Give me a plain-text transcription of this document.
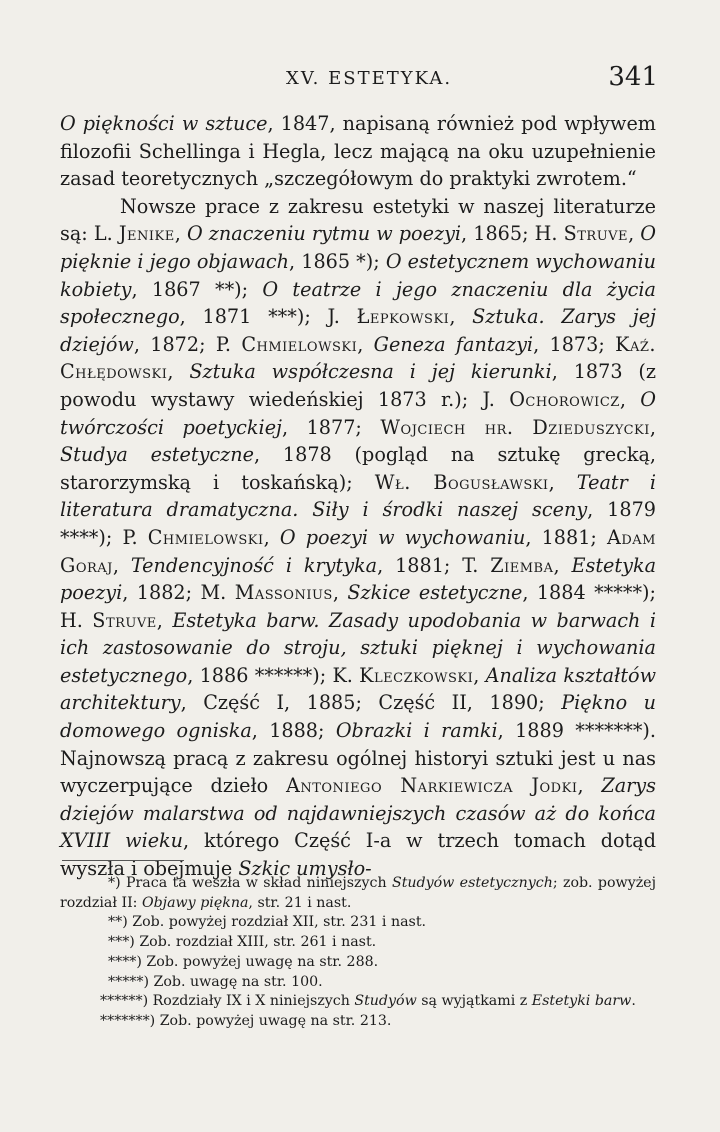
XV. ESTETYKA.	341

O piękności w sztuce, 1847, napisaną również pod wpływem filozofii Schellinga i Hegla, lecz mającą na oku uzupełnienie zasad teoretycznych „szczegółowym do praktyki zwrotem.“

Nowsze prace z zakresu estetyki w naszej literaturze są: L. Jenike, O znaczeniu rytmu w poezyi, 1865; H. Struve, O pięknie i jego objawach, 1865 *); O estetycznem wychowaniu kobiety, 1867 **); O teatrze i jego znaczeniu dla życia społecznego, 1871 ***); J. Łepkowski, Sztuka. Zarys jej dziejów, 1872; P. Chmielowski, Geneza fantazyi, 1873; Kaź. Chłędowski, Sztuka współczesna i jej kierunki, 1873 (z powodu wystawy wiedeńskiej 1873 r.); J. Ochorowicz, O twórczości poetyckiej, 1877; Wojciech hr. Dzieduszycki, Studya estetyczne, 1878 (pogląd na sztukę grecką, starorzymską i toskańską); Wł. Bogusławski, Teatr i literatura dramatyczna. Siły i środki naszej sceny, 1879 ****); P. Chmielowski, O poezyi w wychowaniu, 1881; Adam Goraj, Tendencyjność i krytyka, 1881; T. Ziemba, Estetyka poezyi, 1882; M. Massonius, Szkice estetyczne, 1884 *****); H. Struve, Estetyka barw. Zasady upodobania w barwach i ich zastosowanie do stroju, sztuki pięknej i wychowania estetycznego, 1886 ******); K. Kleczkowski, Analiza kształtów architektury, Część I, 1885; Część II, 1890; Piękno u domowego ogniska, 1888; Obrazki i ramki, 1889 *******). Najnowszą pracą z zakresu ogólnej historyi sztuki jest u nas wyczerpujące dzieło Antoniego Narkiewicza Jodki, Zarys dziejów malarstwa od najdawniejszych czasów aż do końca XVIII wieku, którego Część I-a w trzech tomach dotąd wyszła i obejmuje Szkic umysło-

*) Praca ta weszła w skład niniejszych Studyów estetycznych; zob. powyżej rozdział II: Objawy piękna, str. 21 i nast.

**) Zob. powyżej rozdział XII, str. 231 i nast.

***) Zob. rozdział XIII, str. 261 i nast.

****) Zob. powyżej uwagę na str. 288.

*****) Zob. uwagę na str. 100.

******) Rozdziały IX i X niniejszych Studyów są wyjątkami z Estetyki barw.

*******) Zob. powyżej uwagę na str. 213.
